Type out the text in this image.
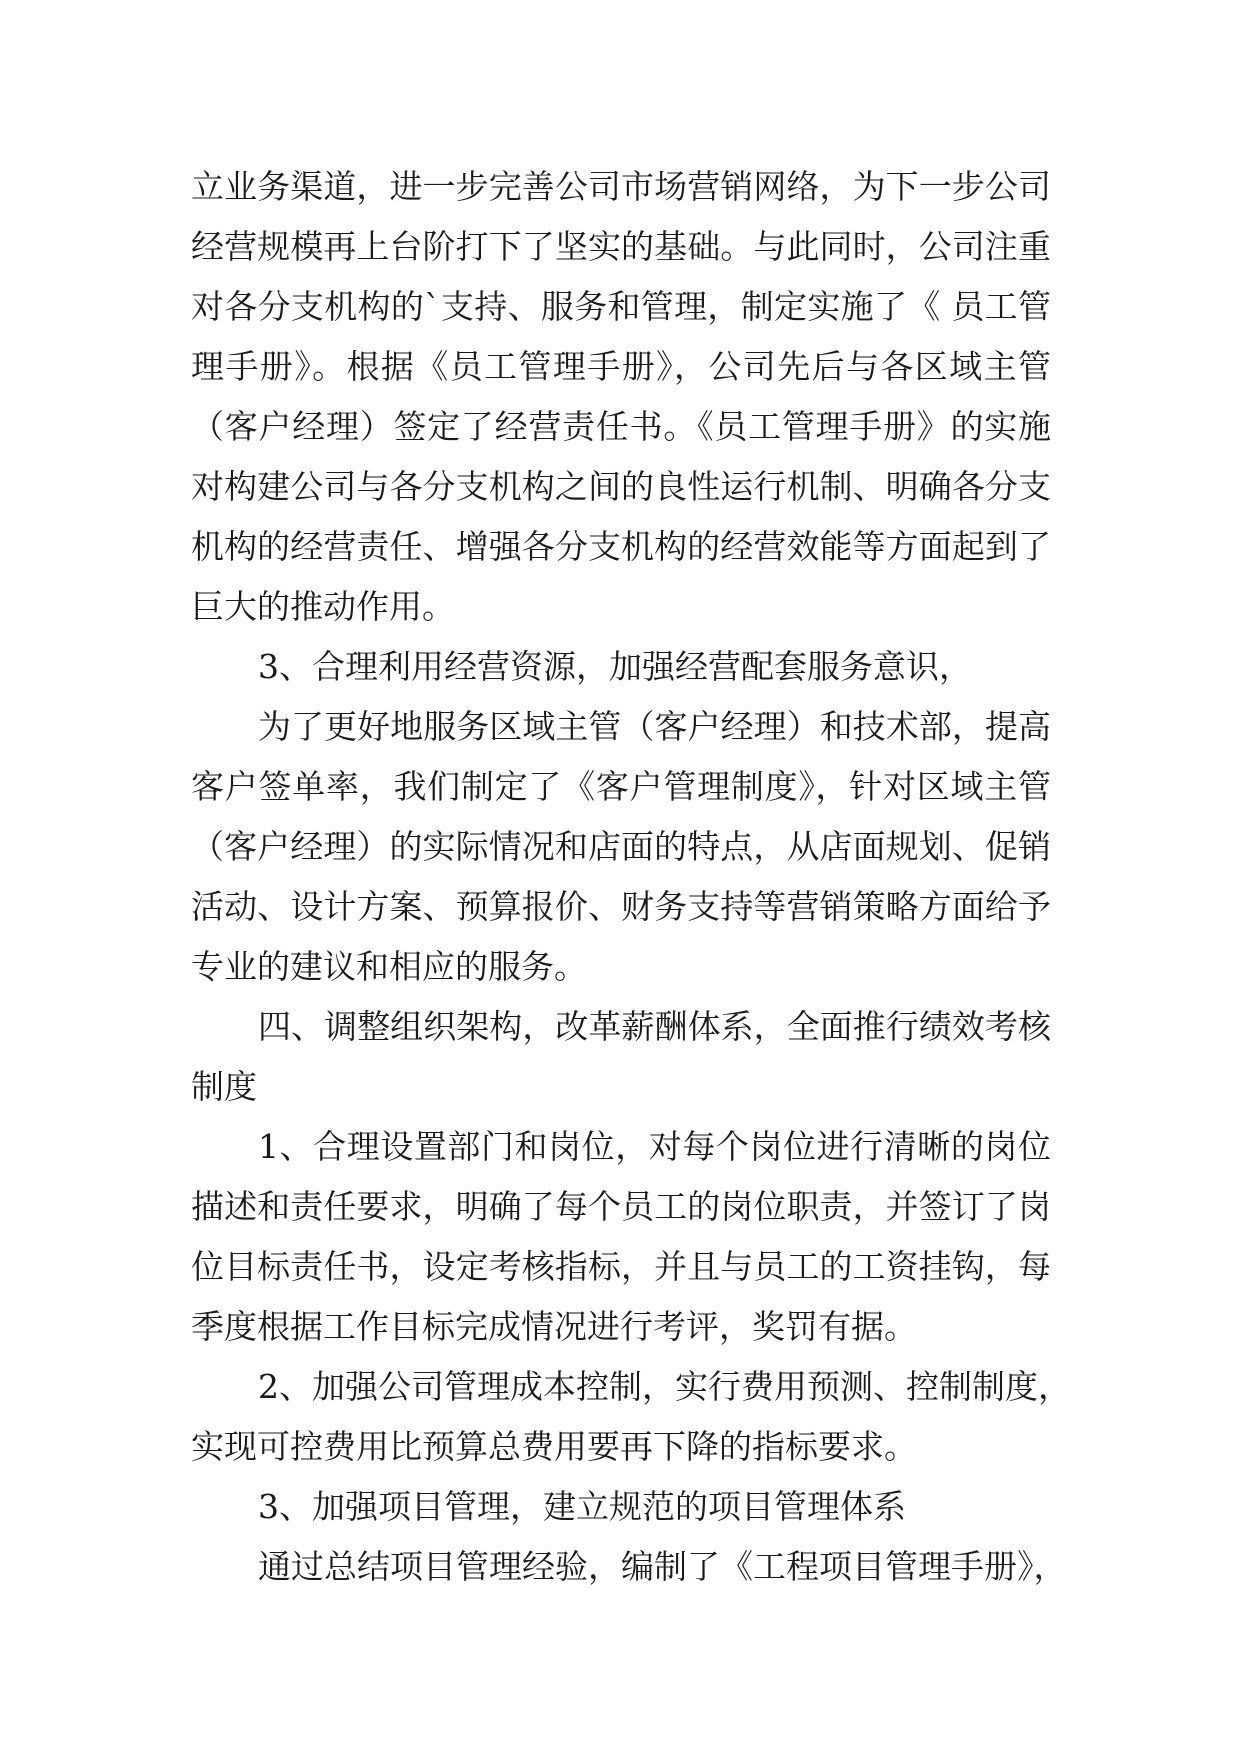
立业务渠道，进一步完善公司市场营销网络，为下一步公司
经营规模再上台阶打下了坚实的基础。与此同时，公司注重
对各分支机构的`支持、服务和管理，制定实施了《 员工管
理手册》。根据《员工管理手册》，公司先后与各区域主管
（客户经理）签定了经营责任书。《员工管理手册》的实施
对构建公司与各分支机构之间的良性运行机制、明确各分支
机构的经营责任、增强各分支机构的经营效能等方面起到了
巨大的推动作用。
3、合理利用经营资源，加强经营配套服务意识，
为了更好地服务区域主管（客户经理）和技术部，提高
客户签单率，我们制定了《客户管理制度》，针对区域主管
（客户经理）的实际情况和店面的特点，从店面规划、促销
活动、设计方案、预算报价、财务支持等营销策略方面给予
专业的建议和相应的服务。
四、调整组织架构，改革薪酬体系，全面推行绩效考核
制度
1、合理设置部门和岗位，对每个岗位进行清晰的岗位
描述和责任要求，明确了每个员工的岗位职责，并签订了岗
位目标责任书，设定考核指标，并且与员工的工资挂钩，每
季度根据工作目标完成情况进行考评，奖罚有据。
2、加强公司管理成本控制，实行费用预测、控制制度，
实现可控费用比预算总费用要再下降的指标要求。
3、加强项目管理，建立规范的项目管理体系
通过总结项目管理经验，编制了《工程项目管理手册》，
